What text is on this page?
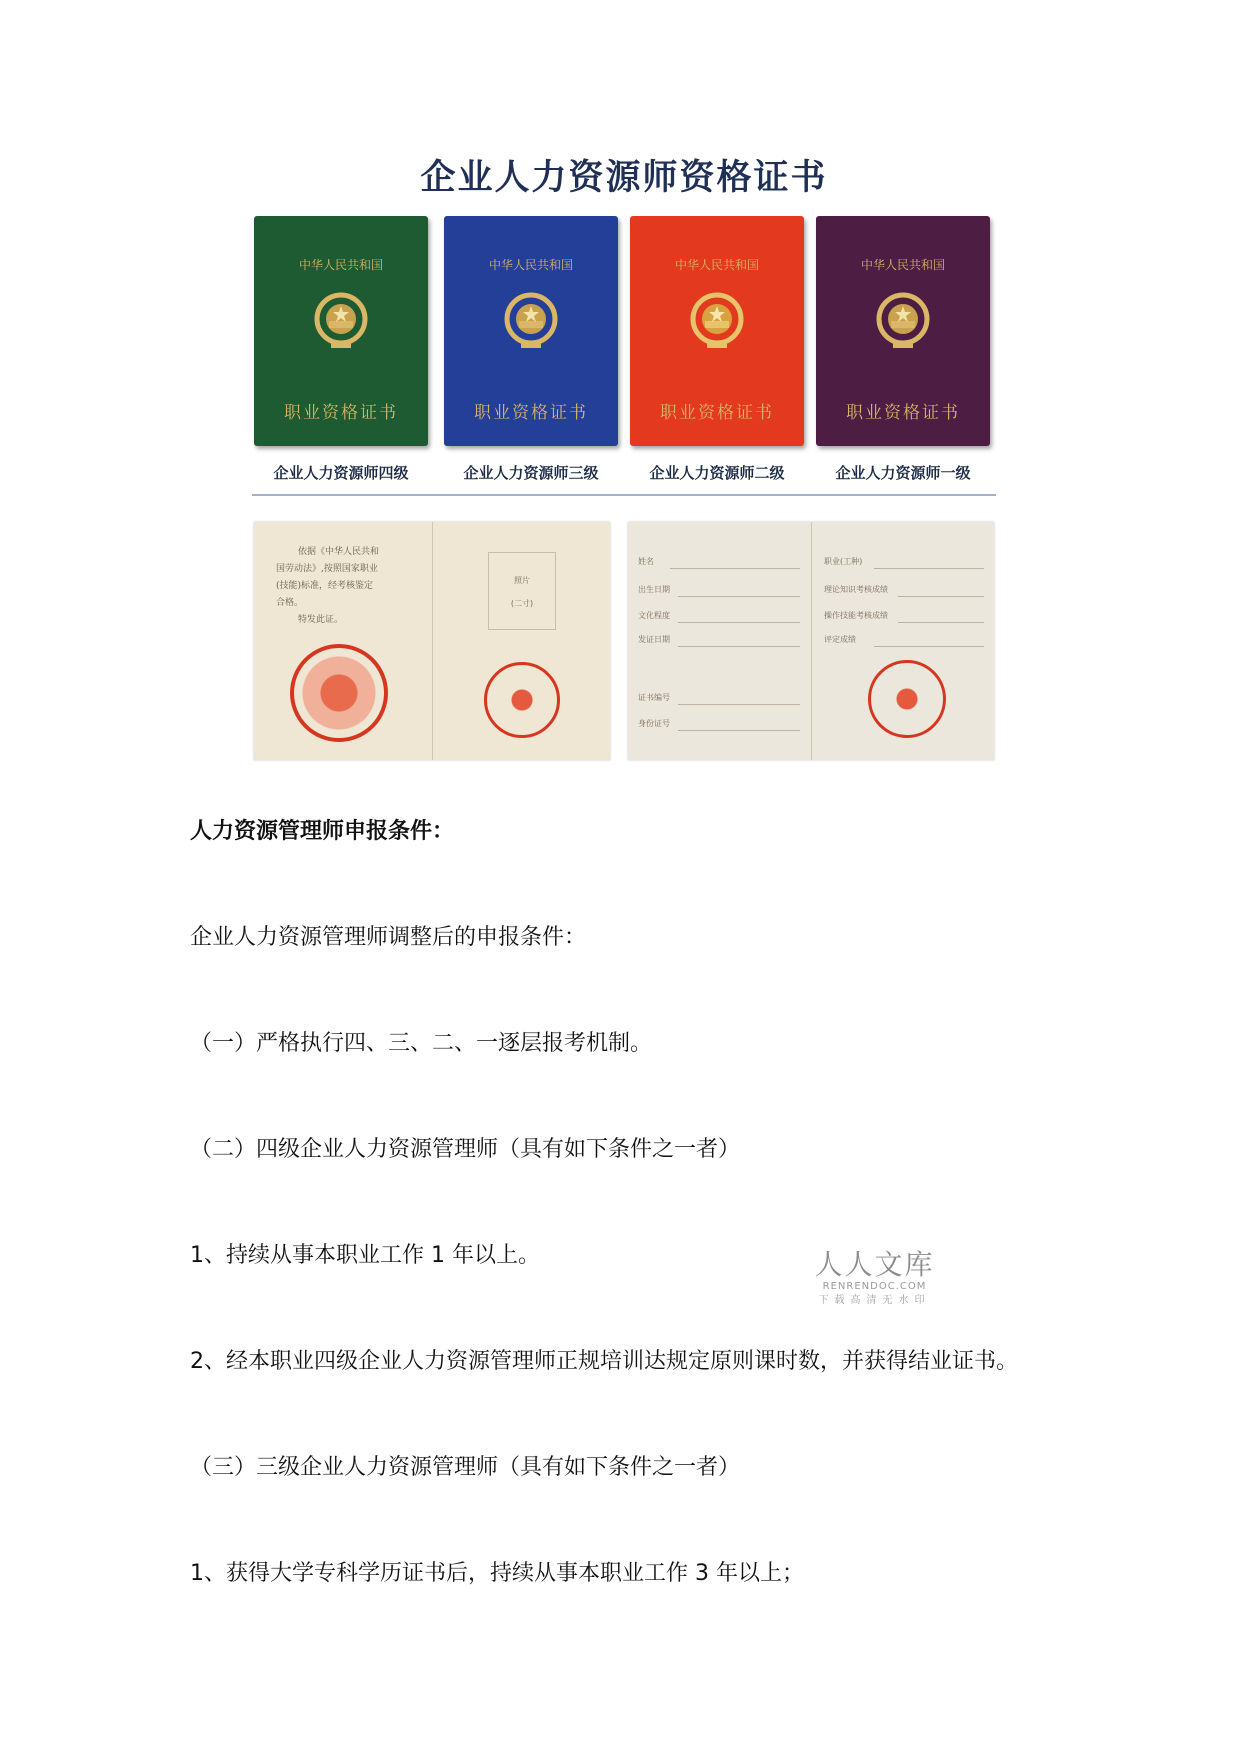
企业人力资源师资格证书
中华人民共和国
职业资格证书
企业人力资源师四级
中华人民共和国
职业资格证书
企业人力资源师三级
中华人民共和国
职业资格证书
企业人力资源师二级
中华人民共和国
职业资格证书
企业人力资源师一级
依据《中华人民共和
国劳动法》,按照国家职业
(技能)标准，经考核鉴定
合格。
特发此证。
照片
(二寸)
姓名
出生日期
文化程度
发证日期
证书编号
身份证号
职业(工种)
理论知识考核成绩
操作技能考核成绩
评定成绩
人力资源管理师申报条件：
企业人力资源管理师调整后的申报条件：
（一）严格执行四、三、二、一逐层报考机制。
（二）四级企业人力资源管理师（具有如下条件之一者）
1、持续从事本职业工作 1 年以上。
2、经本职业四级企业人力资源管理师正规培训达规定原则课时数，并获得结业证书。
（三）三级企业人力资源管理师（具有如下条件之一者）
1、获得大学专科学历证书后，持续从事本职业工作 3 年以上；
人人文库
RENRENDOC.COM
下载高清无水印
